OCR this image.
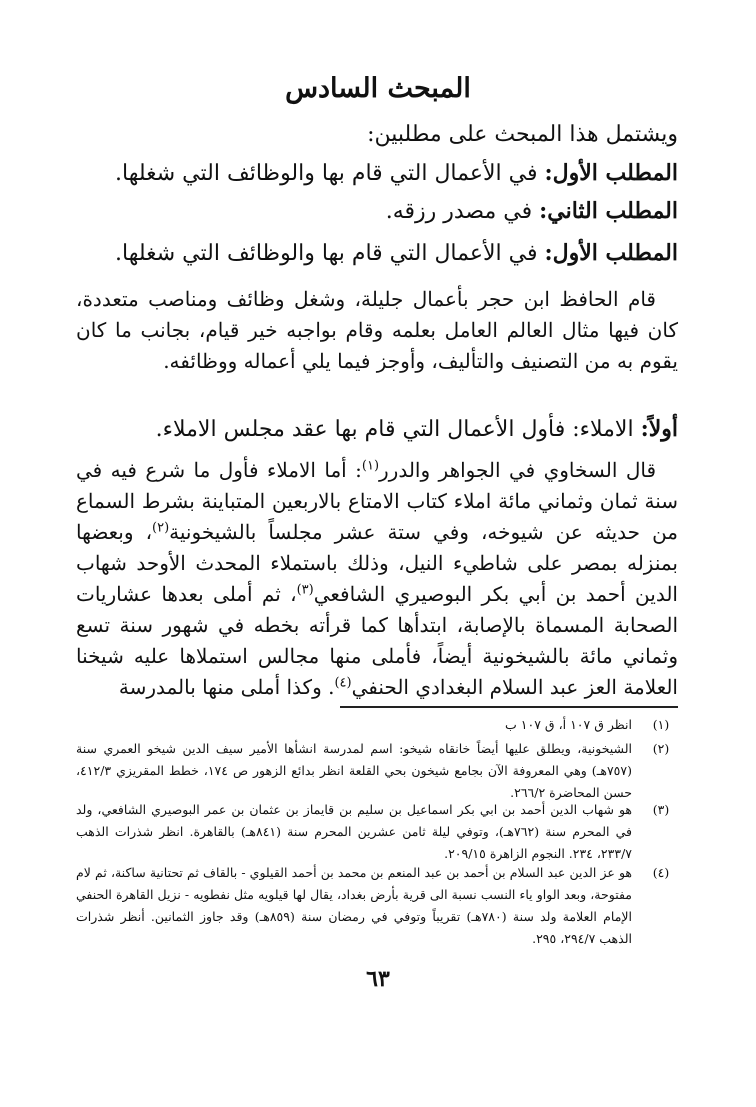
المبحث السادس
ويشتمل هذا المبحث على مطلبين:
المطلب الأول: في الأعمال التي قام بها والوظائف التي شغلها.
المطلب الثاني: في مصدر رزقه.
المطلب الأول: في الأعمال التي قام بها والوظائف التي شغلها.
قام الحافظ ابن حجر بأعمال جليلة، وشغل وظائف ومناصب متعددة، كان فيها مثال العالم العامل بعلمه وقام بواجبه خير قيام، بجانب ما كان يقوم به من التصنيف والتأليف، وأوجز فيما يلي أعماله ووظائفه.
أولاً: الاملاء: فأول الأعمال التي قام بها عقد مجلس الاملاء.
قال السخاوي في الجواهر والدرر$^{(١)}$: أما الاملاء فأول ما شرع فيه في سنة ثمان وثماني مائة املاء كتاب الامتاع بالاربعين المتباينة بشرط السماع من حديثه عن شيوخه، وفي ستة عشر مجلساً بالشيخونية$^{(٢)}$، وبعضها بمنزله بمصر على شاطيء النيل، وذلك باستملاء المحدث الأوحد شهاب الدين أحمد بن أبي بكر البوصيري الشافعي$^{(٣)}$، ثم أملى بعدها عشاريات الصحابة المسماة بالإصابة، ابتدأها كما قرأته بخطه في شهور سنة تسع وثماني مائة بالشيخونية أيضاً، فأملى منها مجالس استملاها عليه شيخنا العلامة العز عبد السلام البغدادي الحنفي$^{(٤)}$. وكذا أملى منها بالمدرسة
(١)
انظر ق ١٠٧ أ، ق ١٠٧ ب
(٢)
الشيخونية، ويطلق عليها أيضاً خانقاه شيخو: اسم لمدرسة انشأها الأمير سيف الدين شيخو العمري سنة (٧٥٧هـ) وهي المعروفة الآن بجامع شيخون بحي القلعة انظر بدائع الزهور ص ١٧٤، خطط المقريزي ٤١٢/٣، حسن المحاضرة ٢٦٦/٢.
(٣)
هو شهاب الدين أحمد بن ابي بكر اسماعيل بن سليم بن قايماز بن عثمان بن عمر البوصيري الشافعي، ولد في المحرم سنة (٧٦٢هـ)، وتوفي ليلة ثامن عشرين المحرم سنة (٨٤١هـ) بالقاهرة. انظر شذرات الذهب ٢٣٣/٧، ٢٣٤. النجوم الزاهرة ٢٠٩/١٥.
(٤)
هو عز الدين عبد السلام بن أحمد بن عبد المنعم بن محمد بن أحمد القيلوي - بالقاف ثم تحتانية ساكنة، ثم لام مفتوحة، وبعد الواو ياء النسب نسبة الى قرية بأرض بغداد، يقال لها قيلويه مثل نفطويه - نزيل القاهرة الحنفي الإمام العلامة ولد سنة (٧٨٠هـ) تقريباً وتوفي في رمضان سنة (٨٥٩هـ) وقد جاوز الثمانين. أنظر شذرات الذهب ٢٩٤/٧، ٢٩٥.
٦٣
